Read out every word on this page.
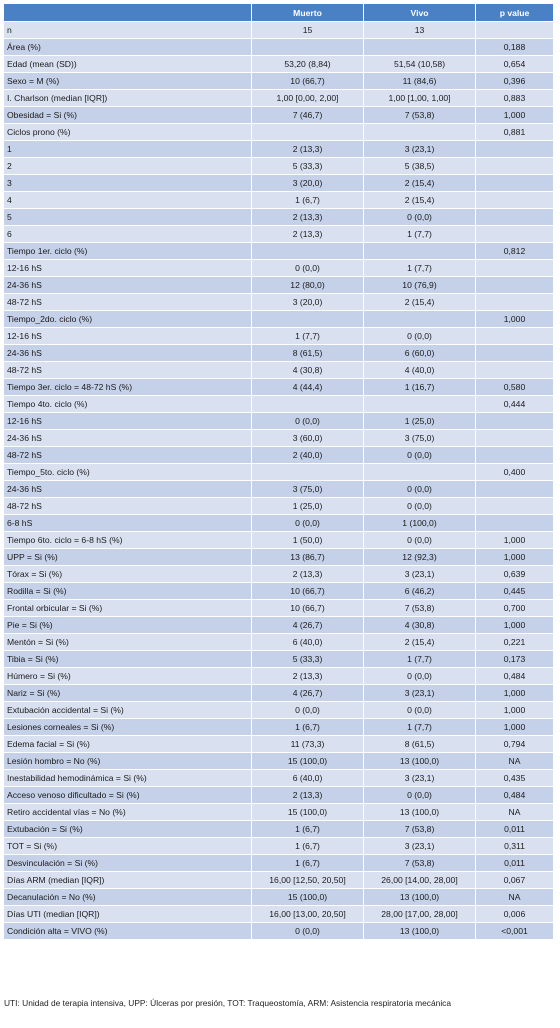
	Muerto	Vivo	p value
n	15	13	
Área (%)			0,188
Edad (mean (SD))	53,20 (8,84)	51,54 (10,58)	0,654
Sexo = M (%)	10 (66,7)	11 (84,6)	0,396
I. Charlson (median [IQR])	1,00 [0,00, 2,00]	1,00 [1,00, 1,00]	0,883
Obesidad = Si (%)	7 (46,7)	7 (53,8)	1,000
Ciclos prono (%)			0,881
1	2 (13,3)	3 (23,1)	
2	5 (33,3)	5 (38,5)	
3	3 (20,0)	2 (15,4)	
4	1 (6,7)	2 (15,4)	
5	2 (13,3)	0 (0,0)	
6	2 (13,3)	1 (7,7)	
Tiempo 1er. ciclo (%)			0,812
12-16 hS	0 (0,0)	1 (7,7)	
24-36 hS	12 (80,0)	10 (76,9)	
48-72 hS	3 (20,0)	2 (15,4)	
Tiempo_2do. ciclo (%)			1,000
12-16 hS	1 (7,7)	0 (0,0)	
24-36 hS	8 (61,5)	6 (60,0)	
48-72 hS	4 (30,8)	4 (40,0)	
Tiempo 3er. ciclo = 48-72 hS (%)	4 (44,4)	1 (16,7)	0,580
Tiempo 4to. ciclo (%)			0,444
12-16 hS	0 (0,0)	1 (25,0)	
24-36 hS	3 (60,0)	3 (75,0)	
48-72 hS	2 (40,0)	0 (0,0)	
Tiempo_5to. ciclo (%)			0,400
24-36 hS	3 (75,0)	0 (0,0)	
48-72 hS	1 (25,0)	0 (0,0)	
6-8 hS	0 (0,0)	1 (100,0)	
Tiempo 6to. ciclo = 6-8 hS (%)	1 (50,0)	0 (0,0)	1,000
UPP = Si (%)	13 (86,7)	12 (92,3)	1,000
Tórax = Si (%)	2 (13,3)	3 (23,1)	0,639
Rodilla = Si (%)	10 (66,7)	6 (46,2)	0,445
Frontal orbicular = Si (%)	10 (66,7)	7 (53,8)	0,700
Pie = Si (%)	4 (26,7)	4 (30,8)	1,000
Mentón = Si (%)	6 (40,0)	2 (15,4)	0,221
Tibia = Si (%)	5 (33,3)	1 (7,7)	0,173
Húmero = Si (%)	2 (13,3)	0 (0,0)	0,484
Nariz = Si (%)	4 (26,7)	3 (23,1)	1,000
Extubación accidental = Si (%)	0 (0,0)	0 (0,0)	1,000
Lesiones corneales = Si (%)	1 (6,7)	1 (7,7)	1,000
Edema facial = Si (%)	11 (73,3)	8 (61,5)	0,794
Lesión hombro = No (%)	15 (100,0)	13 (100,0)	NA
Inestabilidad hemodinámica = Si (%)	6 (40,0)	3 (23,1)	0,435
Acceso venoso dificultado = Si (%)	2 (13,3)	0 (0,0)	0,484
Retiro accidental vías = No (%)	15 (100,0)	13 (100,0)	NA
Extubación = Si (%)	1 (6,7)	7 (53,8)	0,011
TOT = Si (%)	1 (6,7)	3 (23,1)	0,311
Desvinculación = Si (%)	1 (6,7)	7 (53,8)	0,011
Días ARM (median [IQR])	16,00 [12,50, 20,50]	26,00 [14,00, 28,00]	0,067
Decanulación = No (%)	15 (100,0)	13 (100,0)	NA
Días UTI (median [IQR])	16,00 [13,00, 20,50]	28,00 [17,00, 28,00]	0,006
Condición alta = VIVO (%)	0 (0,0)	13 (100,0)	<0,001
UTI: Unidad de terapia intensiva, UPP: Úlceras por presión, TOT: Traqueostomía, ARM: Asistencia respiratoria mecánica
